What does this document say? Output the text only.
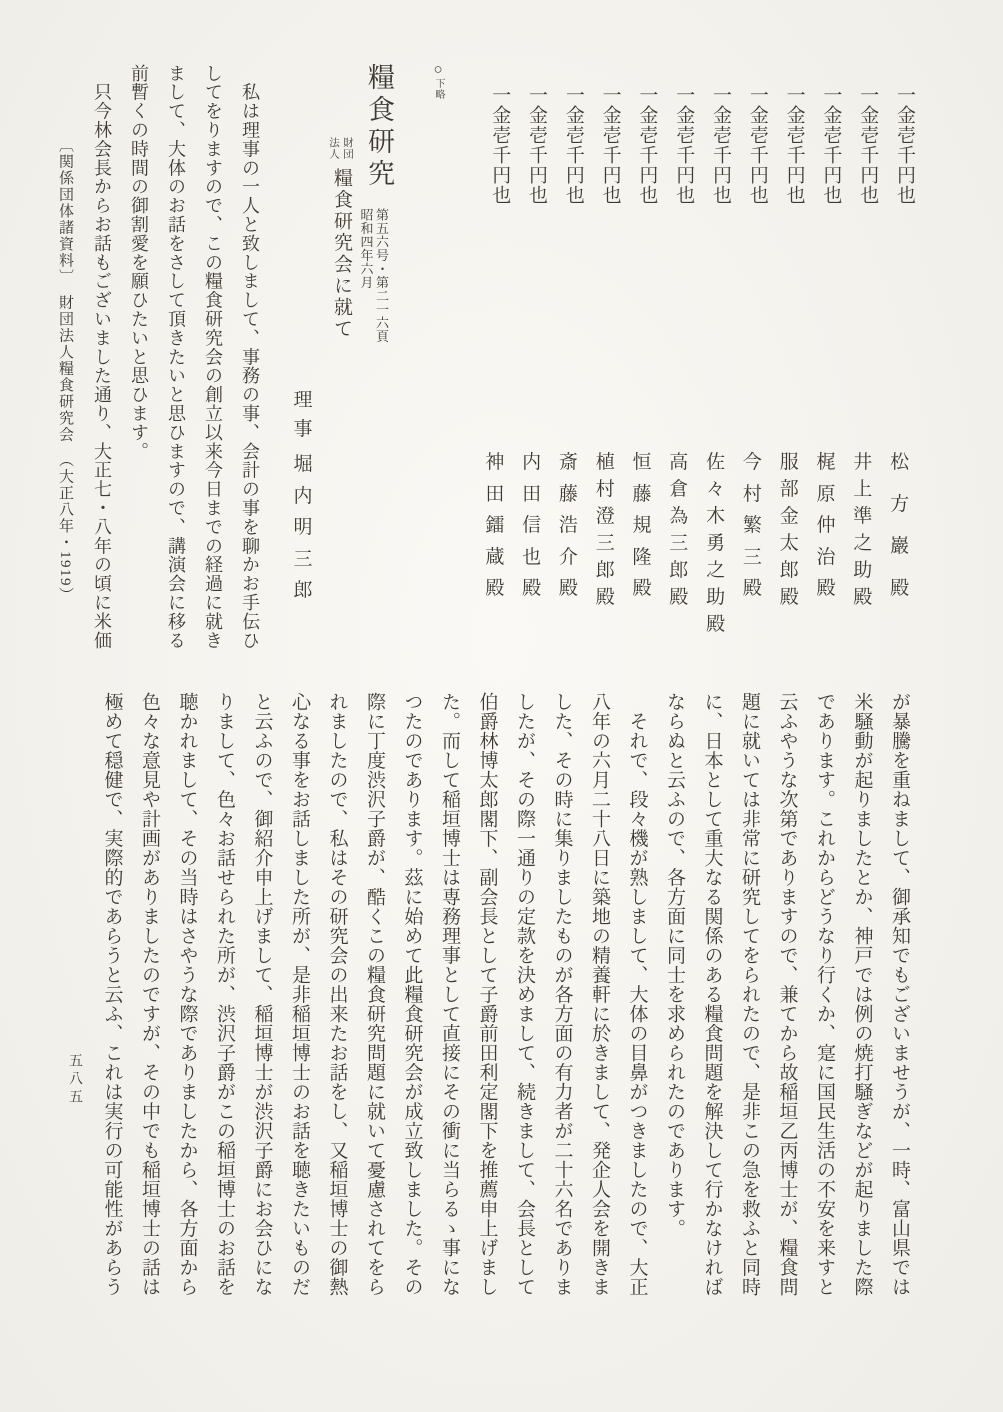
一金壱千円也
松
方
巖
殿
一金壱千円也
井
上
準
之
助
殿
一金壱千円也
梶
原
仲
治
殿
一金壱千円也
服
部
金
太
郎
殿
一金壱千円也
今
村
繁
三
殿
一金壱千円也
佐
々
木
勇
之
助
殿
一金壱千円也
高
倉
為
三
郎
殿
一金壱千円也
恒
藤
規
隆
殿
一金壱千円也
植
村
澄
三
郎
殿
一金壱千円也
斎
藤
浩
介
殿
一金壱千円也
内
田
信
也
殿
一金壱千円也
神
田
鐳
蔵
殿
○下略
糧食研究
第五六号・第二一六頁
昭和四年六月
財団
法人
糧食研究会に就て
理
事
堀
内
明
三
郎
　私は理事の一人と致しまして、事務の事、会計の事を聊かお手伝ひ
してをりますので、この糧食研究会の創立以来今日までの経過に就き
まして、大体のお話をさして頂きたいと思ひますので、講演会に移る
前暫くの時間の御割愛を願ひたいと思ひます。
　只今林会長からお話もございました通り、大正七・八年の頃に米価
〔関係団体諸資料〕　財団法人糧食研究会　（大正八年・1919）
が暴騰を重ねまして、御承知でもございませうが、一時、富山県では
米騒動が起りましたとか、神戸では例の焼打騒ぎなどが起りました際
であります。これからどうなり行くか、寔に国民生活の不安を来すと
云ふやうな次第でありますので、兼てから故稲垣乙丙博士が、糧食問
題に就いては非常に研究してをられたので、是非この急を救ふと同時
に、日本として重大なる関係のある糧食問題を解決して行かなければ
ならぬと云ふので、各方面に同士を求められたのであります。
　それで、段々機が熟しまして、大体の目鼻がつきましたので、大正
八年の六月二十八日に築地の精養軒に於きまして、発企人会を開きま
した、その時に集りましたものが各方面の有力者が二十六名でありま
したが、その際一通りの定款を決めまして、続きまして、会長として
伯爵林博太郎閣下、副会長として子爵前田利定閣下を推薦申上げまし
た。而して稲垣博士は専務理事として直接にその衝に当らるゝ事にな
つたのであります。茲に始めて此糧食研究会が成立致しました。その
際に丁度渋沢子爵が、酷くこの糧食研究問題に就いて憂慮されてをら
れましたので、私はその研究会の出来たお話をし、又稲垣博士の御熱
心なる事をお話しました所が、是非稲垣博士のお話を聴きたいものだ
と云ふので、御紹介申上げまして、稲垣博士が渋沢子爵にお会ひにな
りまして、色々お話せられた所が、渋沢子爵がこの稲垣博士のお話を
聴かれまして、その当時はさやうな際でありましたから、各方面から
色々な意見や計画がありましたのですが、その中でも稲垣博士の話は
極めて穏健で、実際的であらうと云ふ、これは実行の可能性があらう
五八五
